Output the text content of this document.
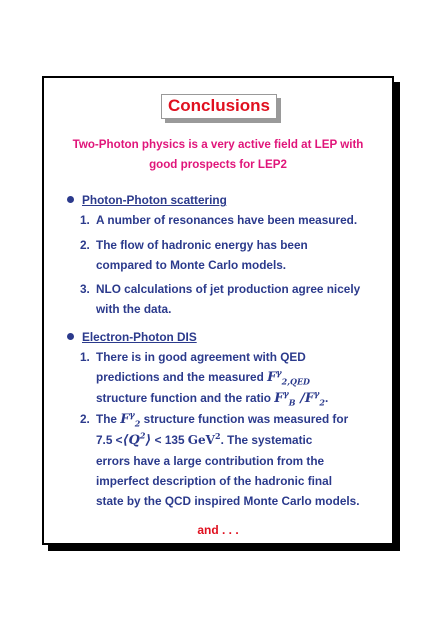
Conclusions
Two-Photon physics is a very active field at LEP with
good prospects for LEP2
Photon-Photon scattering
1. A number of resonances have been measured.
2. The flow of hadronic energy has been
compared to Monte Carlo models.
3. NLO calculations of jet production agree nicely
with the data.
Electron-Photon DIS
1. There is in good agreement with QED
predictions and the measured $F^\gamma_{2,QED}$
structure function and the ratio $F^\gamma_B$ $/F^\gamma_2$.
2. The $F^\gamma_2$ structure function was measured for
$7.5 <⟨Q^2⟩ < 135$ GeV$^2$. The systematic
errors have a large contribution from the
imperfect description of the hadronic final
state by the QCD inspired Monte Carlo models.
and . . .
